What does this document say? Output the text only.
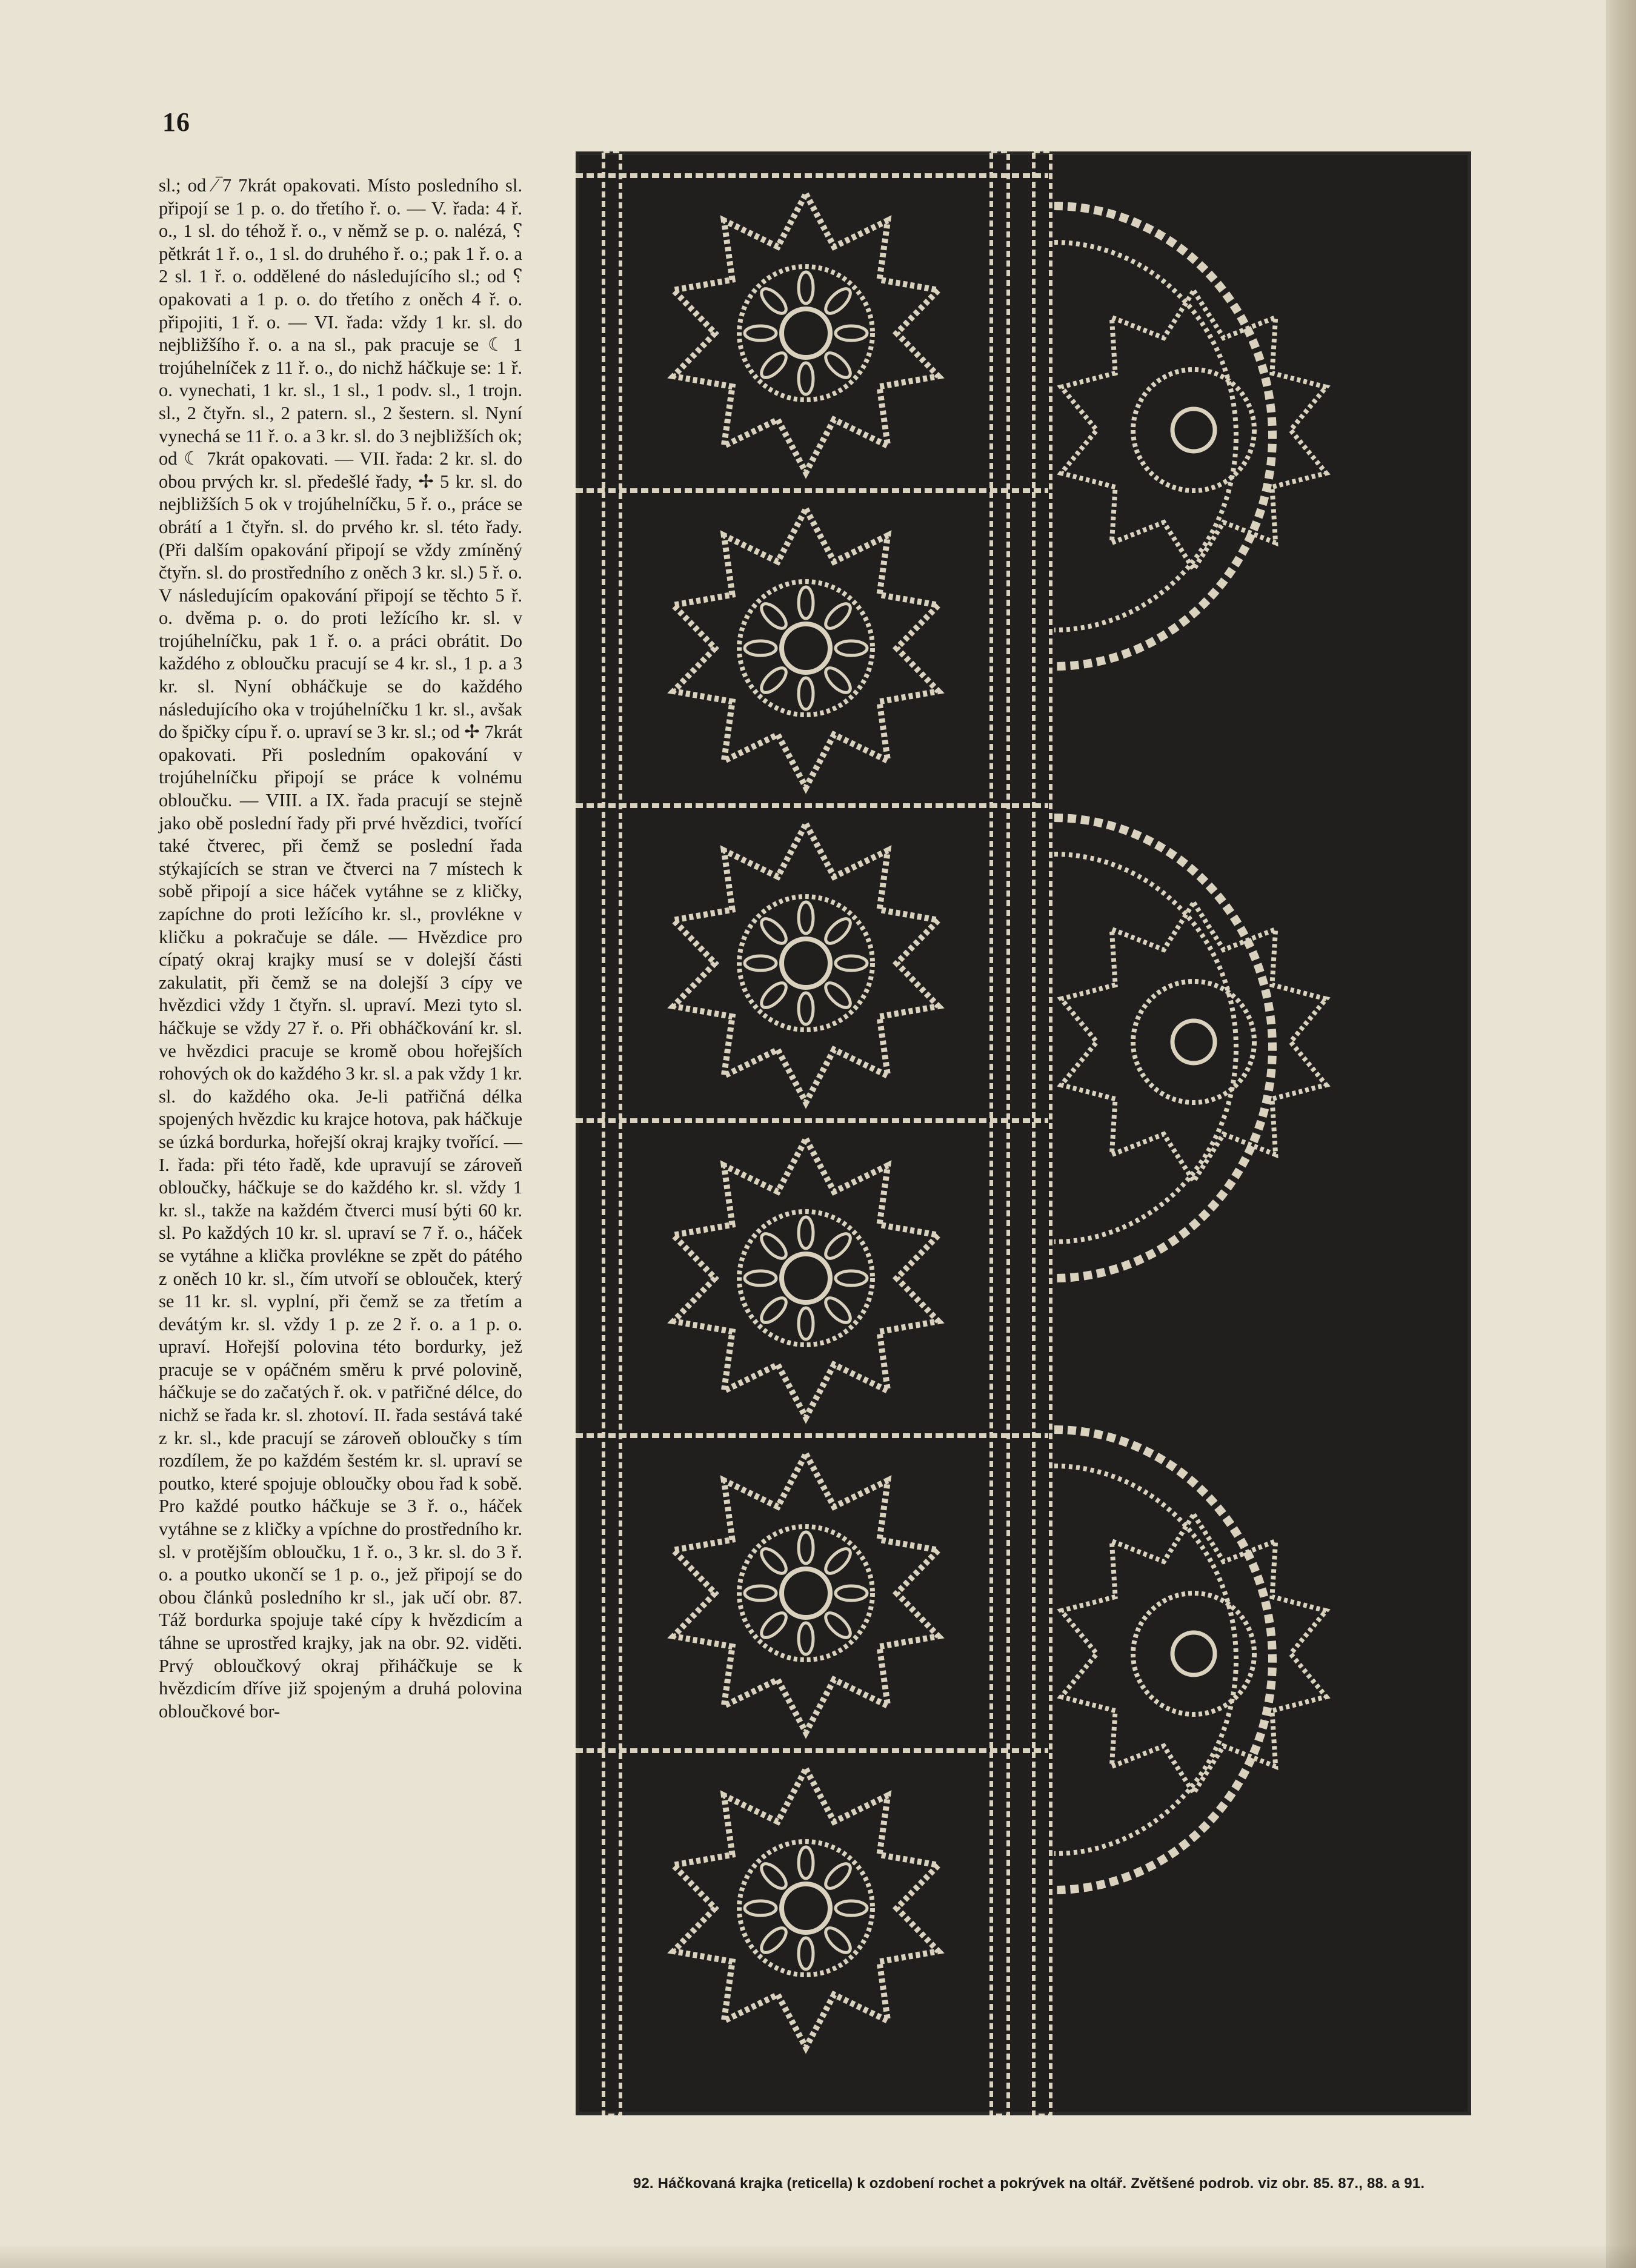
16

sl.; od ⁄‾7 7krát opakovati. Místo posledního sl. připojí se 1 p. o. do třetího ř. o. — V. řada: 4 ř. o., 1 sl. do téhož ř. o., v němž se p. o. nalézá, ⸮ pětkrát 1 ř. o., 1 sl. do druhého ř. o.; pak 1 ř. o. a 2 sl. 1 ř. o. oddělené do následujícího sl.; od ⸮ opakovati a 1 p. o. do třetího z oněch 4 ř. o. připojiti, 1 ř. o. — VI. řada: vždy 1 kr. sl. do nejbližšího ř. o. a na sl., pak pracuje se ☾ 1 trojúhelníček z 11 ř. o., do nichž háčkuje se: 1 ř. o. vynechati, 1 kr. sl., 1 sl., 1 podv. sl., 1 trojn. sl., 2 čtyřn. sl., 2 patern. sl., 2 šestern. sl. Nyní vynechá se 11 ř. o. a 3 kr. sl. do 3 nejbližších ok; od ☾ 7krát opakovati. — VII. řada: 2 kr. sl. do obou prvých kr. sl. předešlé řady, ✢ 5 kr. sl. do nejbližších 5 ok v trojúhelníčku, 5 ř. o., práce se obrátí a 1 čtyřn. sl. do prvého kr. sl. této řady. (Při dalším opakování připojí se vždy zmíněný čtyřn. sl. do prostředního z oněch 3 kr. sl.) 5 ř. o. V následujícím opakování připojí se těchto 5 ř. o. dvěma p. o. do proti ležícího kr. sl. v trojúhelníčku, pak 1 ř. o. a práci obrátit. Do každého z obloučku pracují se 4 kr. sl., 1 p. a 3 kr. sl. Nyní obháčkuje se do každého následujícího oka v trojúhelníčku 1 kr. sl., avšak do špičky cípu ř. o. upraví se 3 kr. sl.; od ✢ 7krát opakovati. Při posledním opakování v trojúhelníčku připojí se práce k volnému obloučku. — VIII. a IX. řada pracují se stejně jako obě poslední řady při prvé hvězdici, tvořící také čtverec, při čemž se poslední řada stýkajících se stran ve čtverci na 7 místech k sobě připojí a sice háček vytáhne se z kličky, zapíchne do proti ležícího kr. sl., provlékne v kličku a pokračuje se dále. — Hvězdice pro cípatý okraj krajky musí se v dolejší části zakulatit, při čemž se na dolejší 3 cípy ve hvězdici vždy 1 čtyřn. sl. upraví. Mezi tyto sl. háčkuje se vždy 27 ř. o. Při obháčkování kr. sl. ve hvězdici pracuje se kromě obou hořejších rohových ok do každého 3 kr. sl. a pak vždy 1 kr. sl. do každého oka. Je-li patřičná délka spojených hvězdic ku krajce hotova, pak háčkuje se úzká bordurka, hořejší okraj krajky tvořící. — I. řada: při této řadě, kde upravují se zároveň obloučky, háčkuje se do každého kr. sl. vždy 1 kr. sl., takže na každém čtverci musí býti 60 kr. sl. Po každých 10 kr. sl. upraví se 7 ř. o., háček se vytáhne a klička provlékne se zpět do pátého z oněch 10 kr. sl., čím utvoří se oblouček, který se 11 kr. sl. vyplní, při čemž se za třetím a devátým kr. sl. vždy 1 p. ze 2 ř. o. a 1 p. o. upraví. Hořejší polovina této bordurky, jež pracuje se v opáčném směru k prvé polovině, háčkuje se do začatých ř. ok. v patřičné délce, do nichž se řada kr. sl. zhotoví. II. řada sestává také z kr. sl., kde pracují se zároveň obloučky s tím rozdílem, že po každém šestém kr. sl. upraví se poutko, které spojuje obloučky obou řad k sobě. Pro každé poutko háčkuje se 3 ř. o., háček vytáhne se z kličky a vpíchne do prostředního kr. sl. v protějším obloučku, 1 ř. o., 3 kr. sl. do 3 ř. o. a poutko ukončí se 1 p. o., jež připojí se do obou článků posledního kr sl., jak učí obr. 87. Táž bordurka spojuje také cípy k hvězdicím a táhne se uprostřed krajky, jak na obr. 92. viděti. Prvý obloučkový okraj přiháčkuje se k hvězdicím dříve již spojeným a druhá polovina obloučkové bor-

92. Háčkovaná krajka (reticella) k ozdobení rochet a pokrývek na oltář. Zvětšené podrob. viz obr. 85. 87., 88. a 91.
